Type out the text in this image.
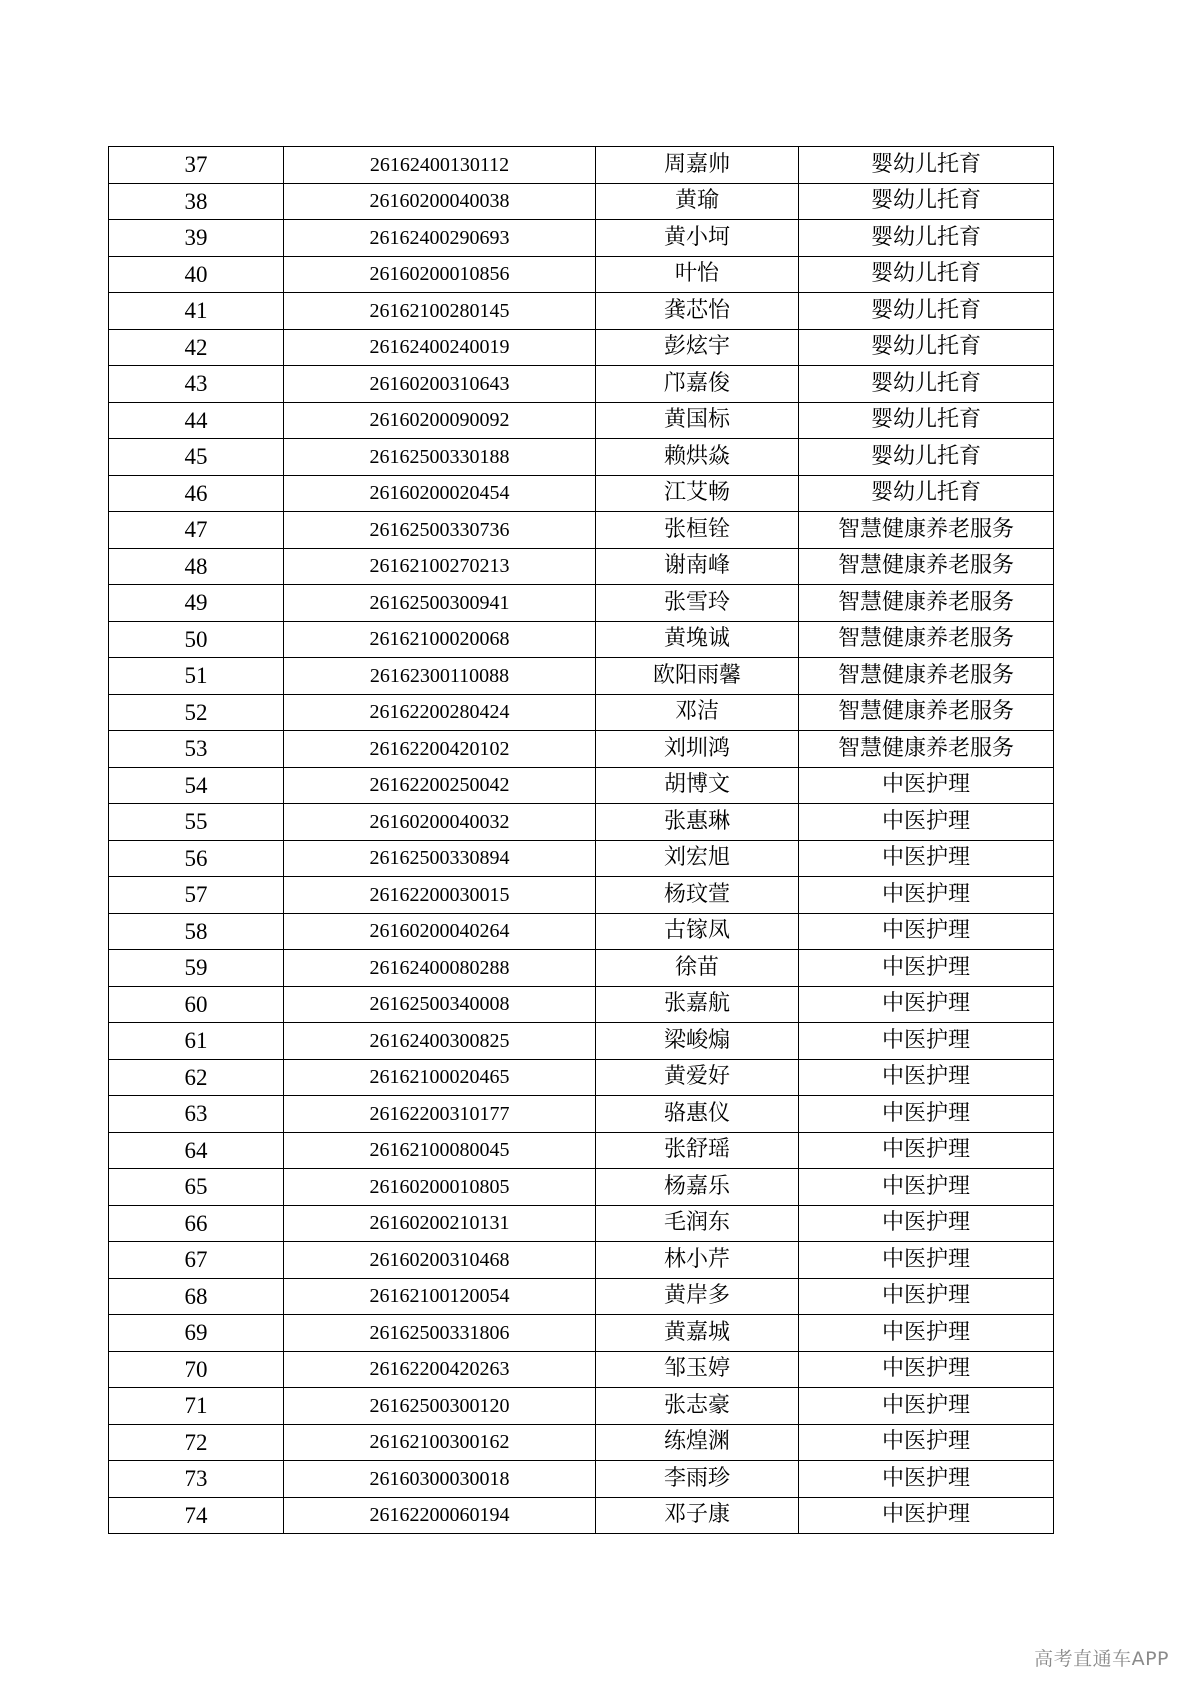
37	26162400130112	周嘉帅	婴幼儿托育
38	26160200040038	黄瑜	婴幼儿托育
39	26162400290693	黄小坷	婴幼儿托育
40	26160200010856	叶怡	婴幼儿托育
41	26162100280145	龚芯怡	婴幼儿托育
42	26162400240019	彭炫宇	婴幼儿托育
43	26160200310643	邝嘉俊	婴幼儿托育
44	26160200090092	黄国标	婴幼儿托育
45	26162500330188	赖烘焱	婴幼儿托育
46	26160200020454	江艾畅	婴幼儿托育
47	26162500330736	张桓铨	智慧健康养老服务
48	26162100270213	谢南峰	智慧健康养老服务
49	26162500300941	张雪玲	智慧健康养老服务
50	26162100020068	黄堍诚	智慧健康养老服务
51	26162300110088	欧阳雨馨	智慧健康养老服务
52	26162200280424	邓洁	智慧健康养老服务
53	26162200420102	刘圳鸿	智慧健康养老服务
54	26162200250042	胡博文	中医护理
55	26160200040032	张惠琳	中医护理
56	26162500330894	刘宏旭	中医护理
57	26162200030015	杨玟萱	中医护理
58	26160200040264	古镓凤	中医护理
59	26162400080288	徐苗	中医护理
60	26162500340008	张嘉航	中医护理
61	26162400300825	梁峻煽	中医护理
62	26162100020465	黄爱好	中医护理
63	26162200310177	骆惠仪	中医护理
64	26162100080045	张舒瑶	中医护理
65	26160200010805	杨嘉乐	中医护理
66	26160200210131	毛润东	中医护理
67	26160200310468	林小芹	中医护理
68	26162100120054	黄岸多	中医护理
69	26162500331806	黄嘉城	中医护理
70	26162200420263	邹玉婷	中医护理
71	26162500300120	张志豪	中医护理
72	26162100300162	练煌渊	中医护理
73	26160300030018	李雨珍	中医护理
74	26162200060194	邓子康	中医护理
高考直通车APP
